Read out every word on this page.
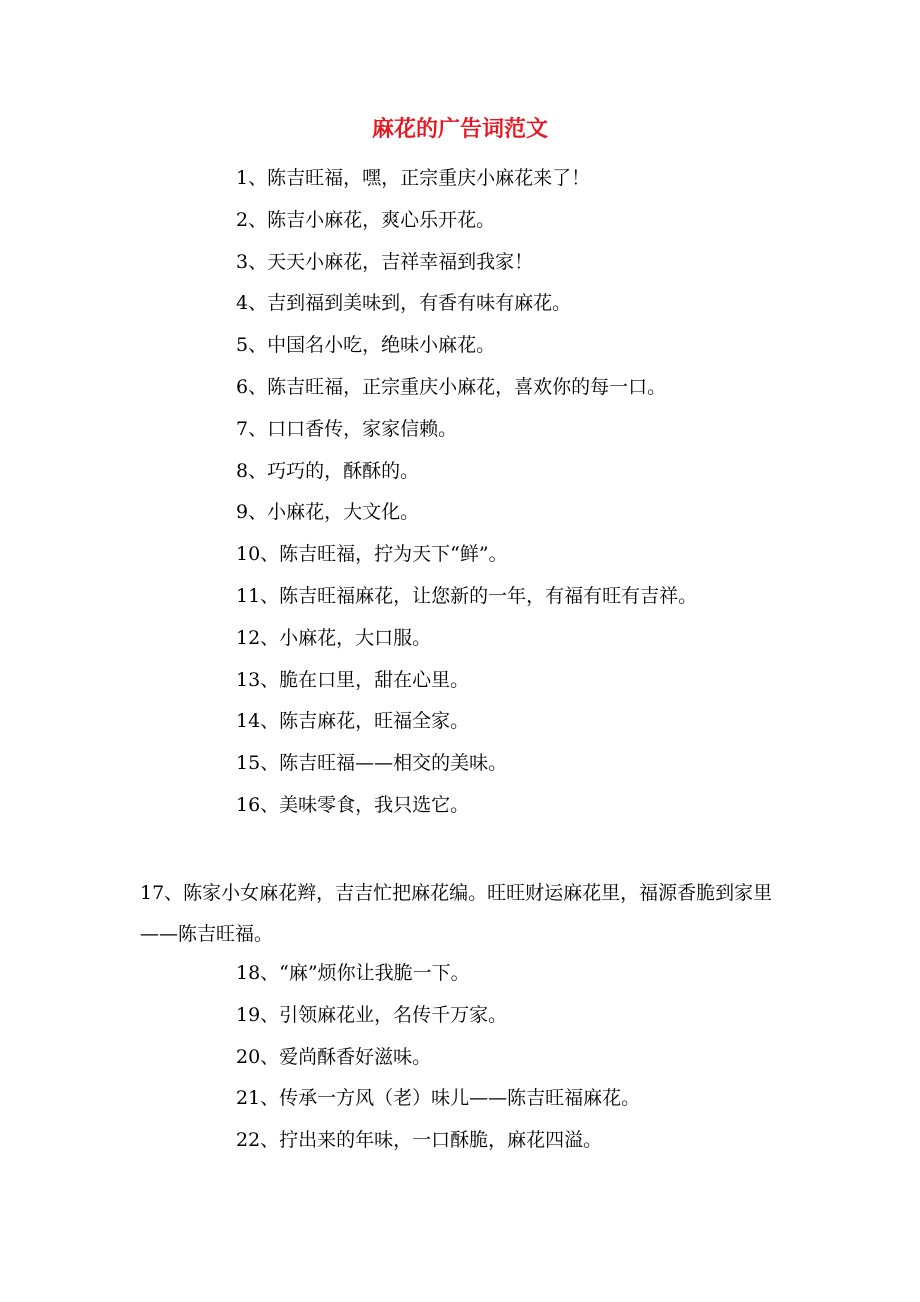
麻花的广告词范文
1、陈吉旺福，嘿，正宗重庆小麻花来了！
2、陈吉小麻花，爽心乐开花。
3、天天小麻花，吉祥幸福到我家！
4、吉到福到美味到，有香有味有麻花。
5、中国名小吃，绝味小麻花。
6、陈吉旺福，正宗重庆小麻花，喜欢你的每一口。
7、口口香传，家家信赖。
8、巧巧的，酥酥的。
9、小麻花，大文化。
10、陈吉旺福，拧为天下“鲜”。
11、陈吉旺福麻花，让您新的一年，有福有旺有吉祥。
12、小麻花，大口服。
13、脆在口里，甜在心里。
14、陈吉麻花，旺福全家。
15、陈吉旺福——相交的美味。
16、美味零食，我只选它。

17、陈家小女麻花辫，吉吉忙把麻花编。旺旺财运麻花里，福源香脆到家里——陈吉旺福。

18、“麻”烦你让我脆一下。
19、引领麻花业，名传千万家。
20、爱尚酥香好滋味。
21、传承一方风（老）味儿——陈吉旺福麻花。
22、拧出来的年味，一口酥脆，麻花四溢。
